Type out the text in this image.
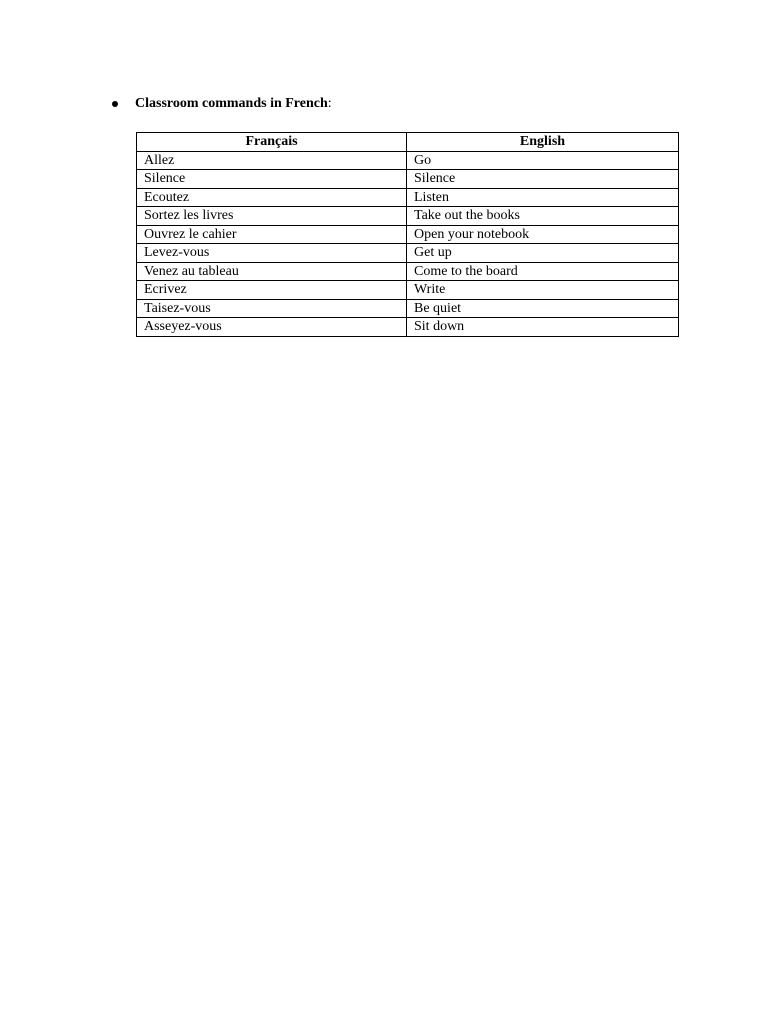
Classroom commands in French :
Français	English
Allez	Go
Silence	Silence
Ecoutez	Listen
Sortez les livres	Take out the books
Ouvrez le cahier	Open your notebook
Levez-vous	Get up
Venez au tableau	Come to the board
Ecrivez	Write
Taisez-vous	Be quiet
Asseyez-vous	Sit down
